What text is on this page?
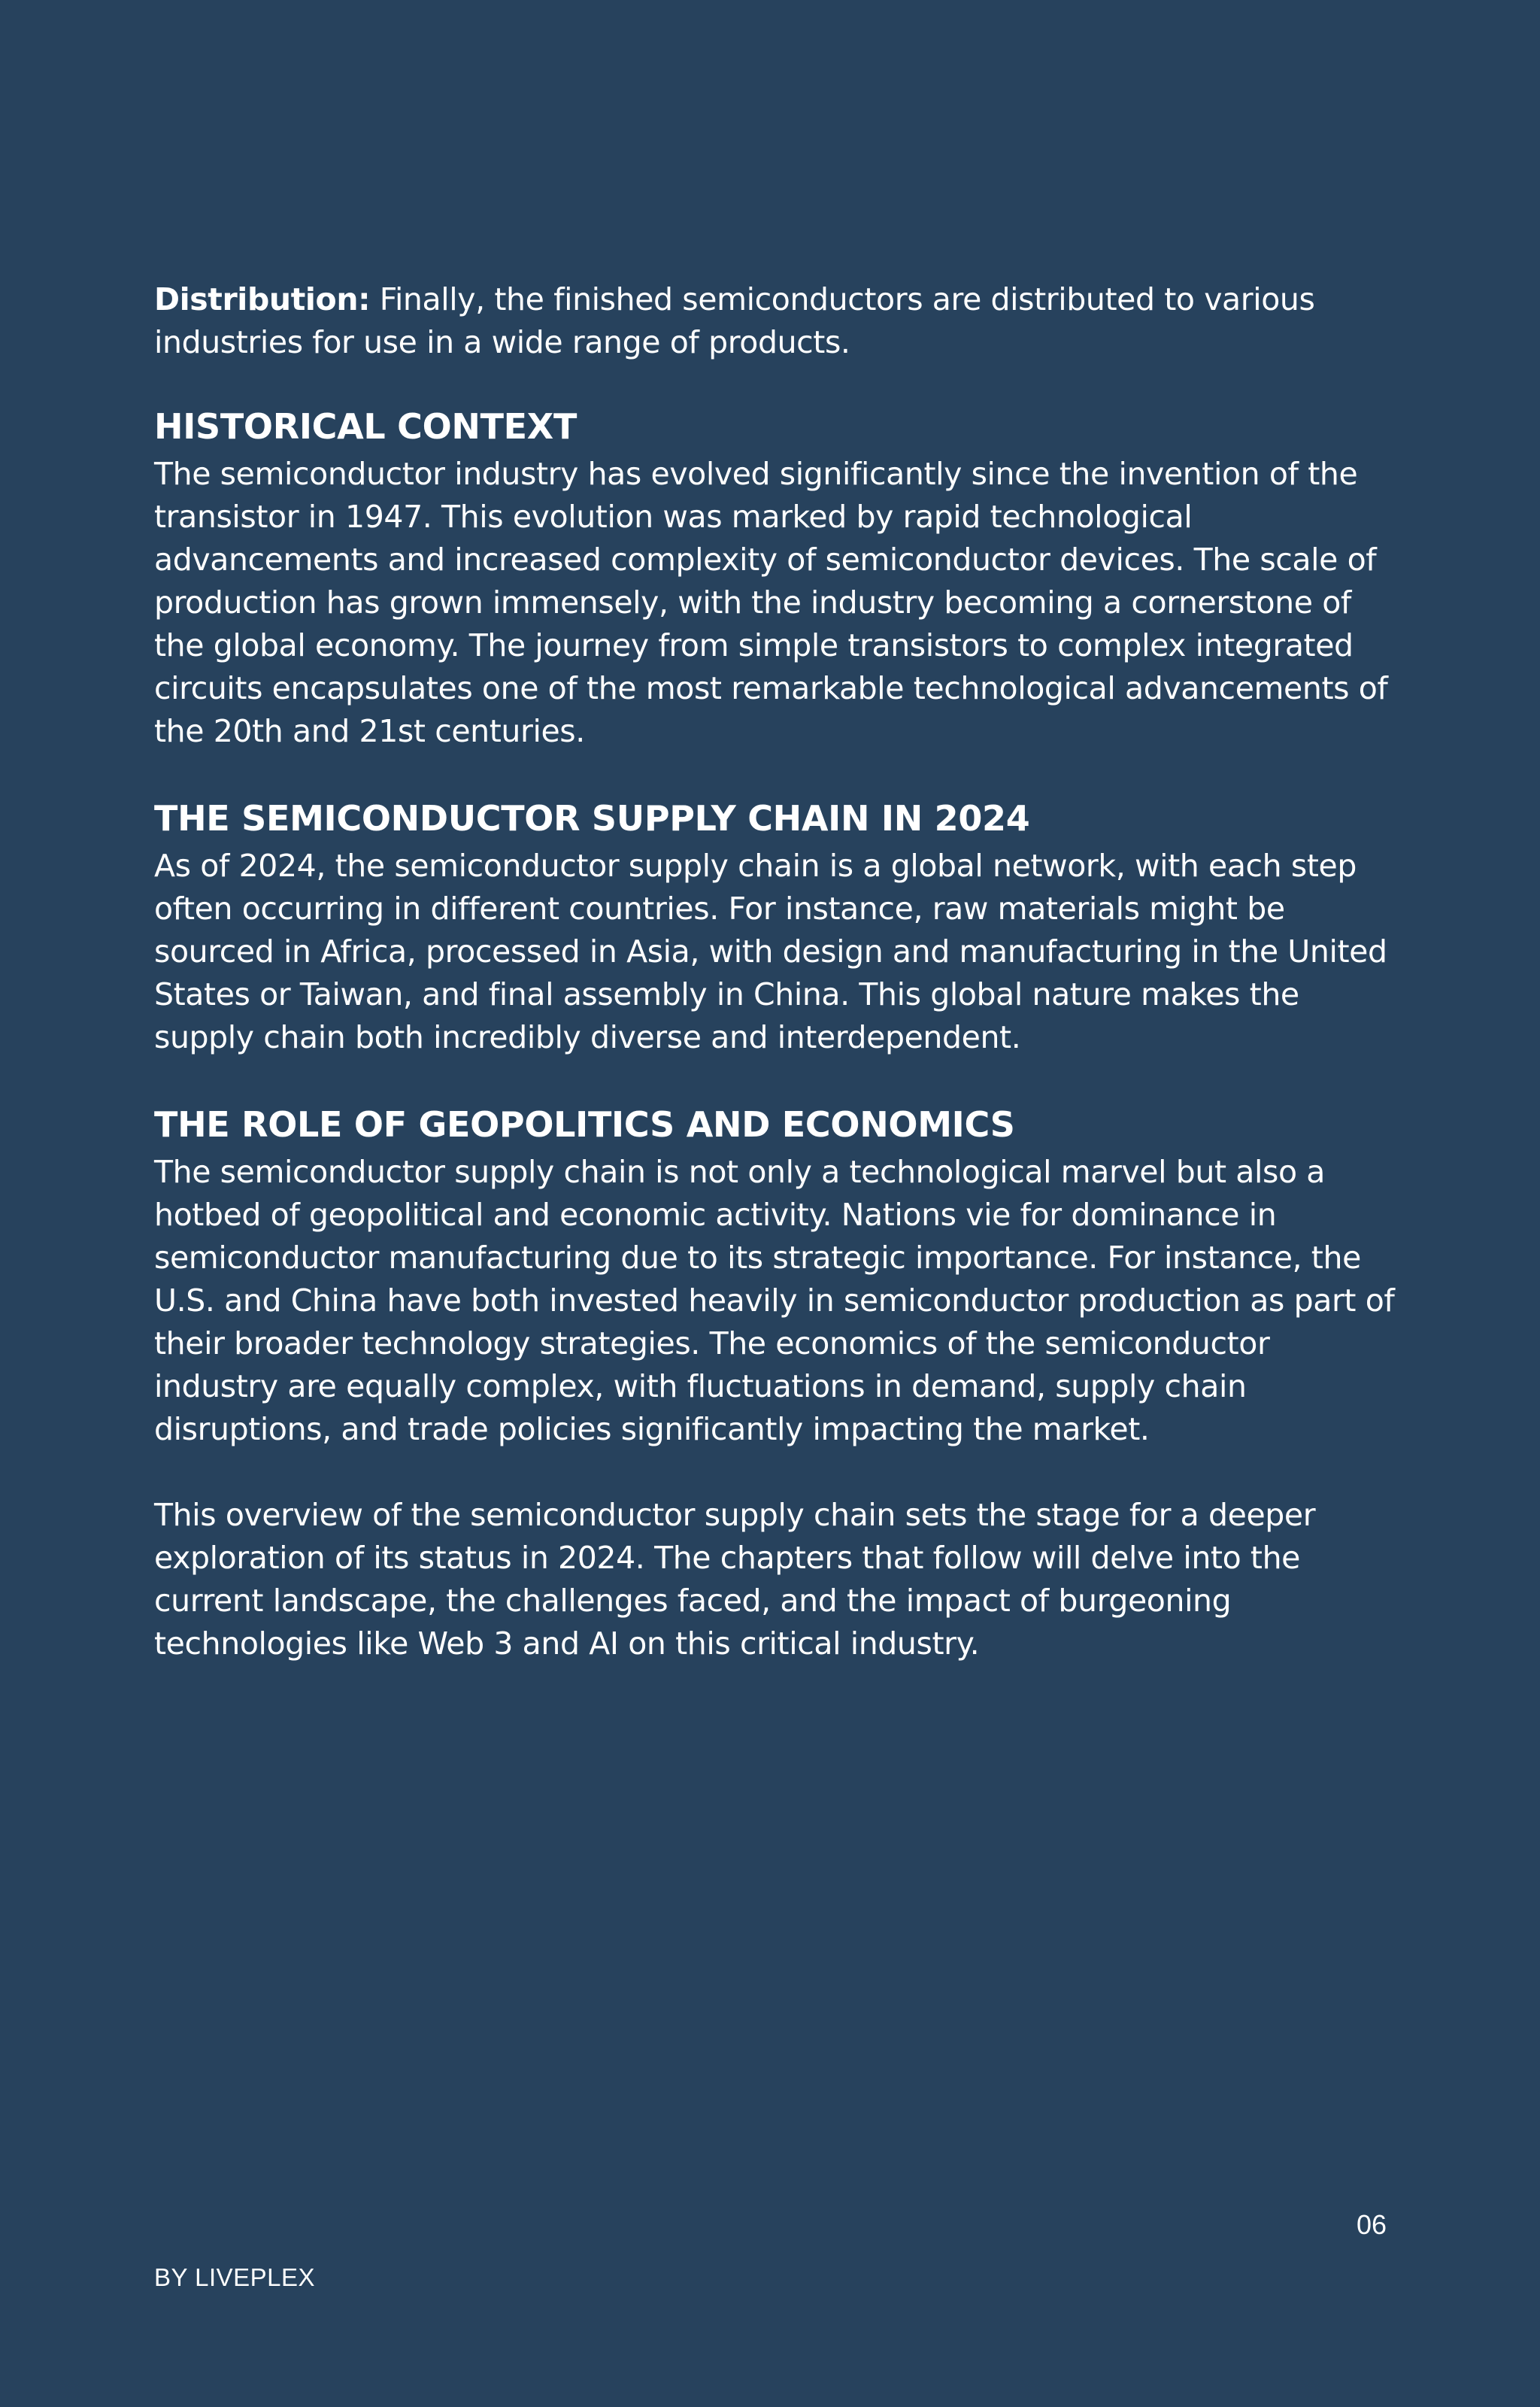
Distribution: Finally, the finished semiconductors are distributed to various industries for use in a wide range of products.

HISTORICAL CONTEXT

The semiconductor industry has evolved significantly since the invention of the transistor in 1947. This evolution was marked by rapid technological advancements and increased complexity of semiconductor devices. The scale of production has grown immensely, with the industry becoming a cornerstone of the global economy. The journey from simple transistors to complex integrated circuits encapsulates one of the most remarkable technological advancements of the 20th and 21st centuries.

THE SEMICONDUCTOR SUPPLY CHAIN IN 2024

As of 2024, the semiconductor supply chain is a global network, with each step often occurring in different countries. For instance, raw materials might be sourced in Africa, processed in Asia, with design and manufacturing in the United States or Taiwan, and final assembly in China. This global nature makes the supply chain both incredibly diverse and interdependent.

THE ROLE OF GEOPOLITICS AND ECONOMICS

The semiconductor supply chain is not only a technological marvel but also a hotbed of geopolitical and economic activity. Nations vie for dominance in semiconductor manufacturing due to its strategic importance. For instance, the U.S. and China have both invested heavily in semiconductor production as part of their broader technology strategies. The economics of the semiconductor industry are equally complex, with fluctuations in demand, supply chain disruptions, and trade policies significantly impacting the market.

This overview of the semiconductor supply chain sets the stage for a deeper exploration of its status in 2024. The chapters that follow will delve into the current landscape, the challenges faced, and the impact of burgeoning technologies like Web 3 and AI on this critical industry.

06
BY LIVEPLEX
